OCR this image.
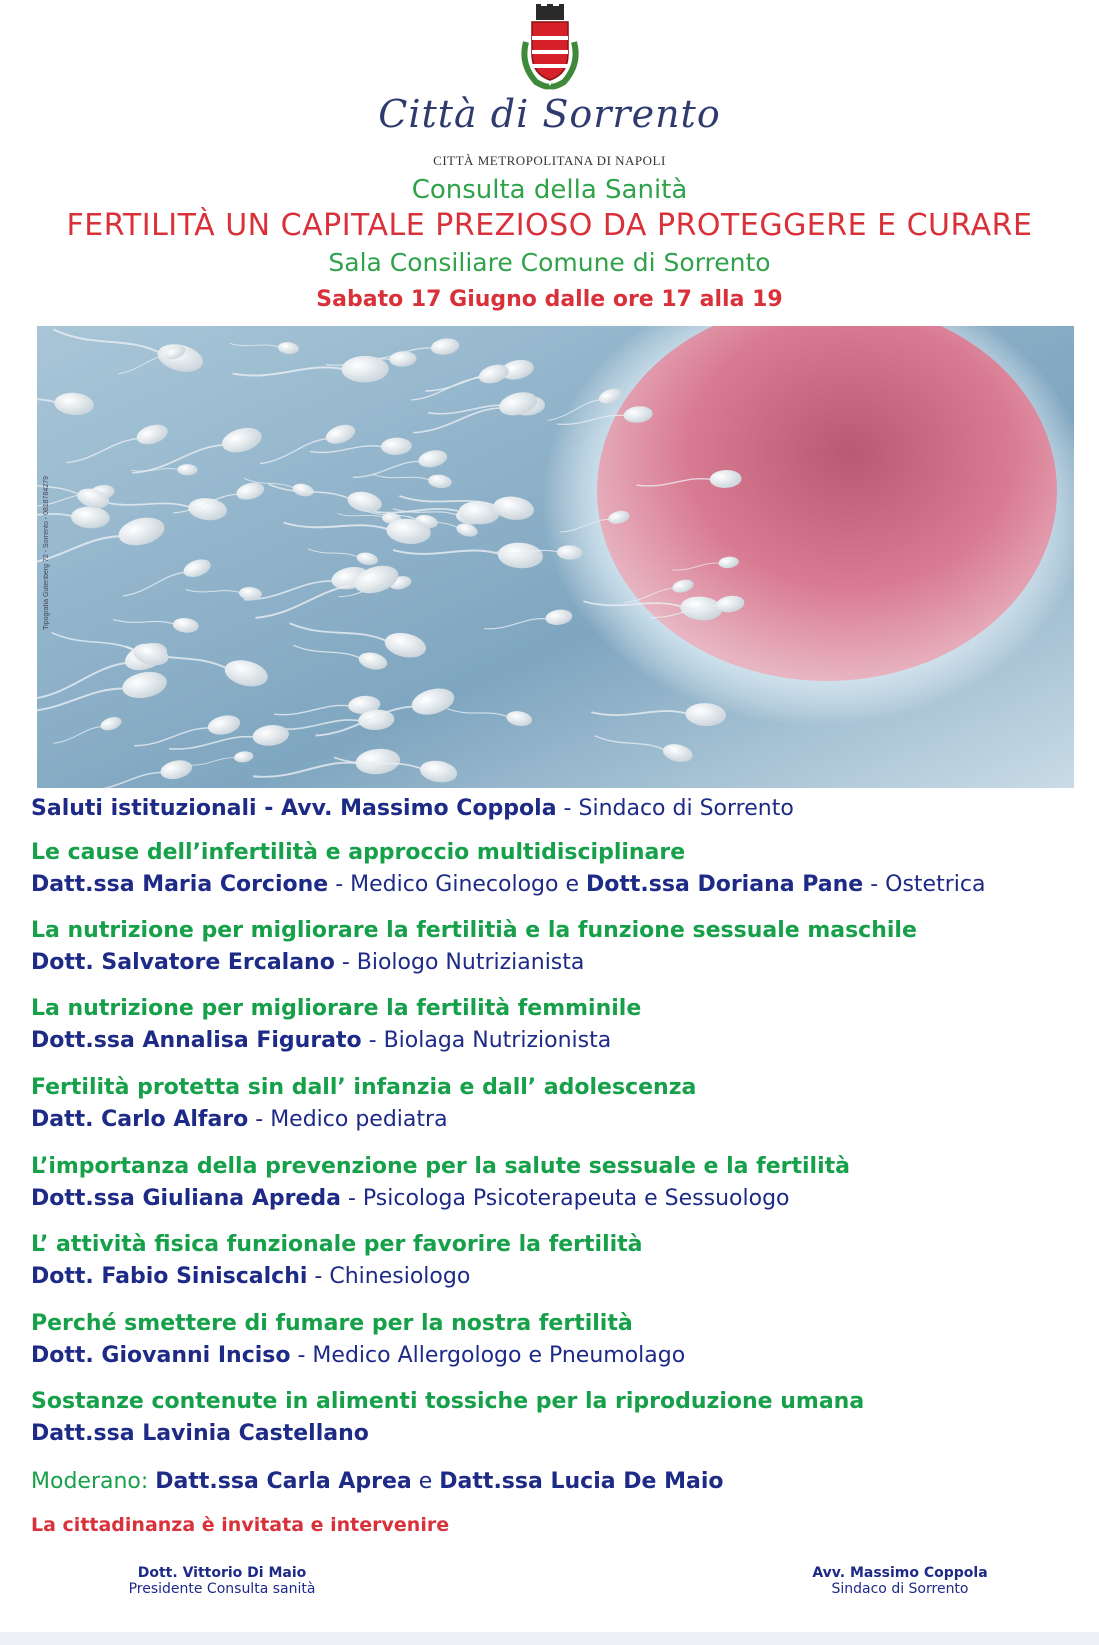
Città di Sorrento
CITTÀ METROPOLITANA DI NAPOLI
Consulta della Sanità
FERTILITÀ UN CAPITALE PREZIOSO DA PROTEGGERE E CURARE
Sala Consiliare Comune di Sorrento
Sabato 17 Giugno dalle ore 17 alla 19
Tipografia Gutenberg 72 - Sorrento - 0818784279
Saluti istituzionali - Avv. Massimo Coppola - Sindaco di Sorrento
Le cause dell’infertilità e approccio multidisciplinare
Datt.ssa Maria Corcione - Medico Ginecologo e Dott.ssa Doriana Pane - Ostetrica
La nutrizione per migliorare la fertilitià e la funzione sessuale maschile
Dott. Salvatore Ercalano - Biologo Nutrizianista
La nutrizione per migliorare la fertilità femminile
Dott.ssa Annalisa Figurato - Biolaga Nutrizionista
Fertilità protetta sin dall’ infanzia e dall’ adolescenza
Datt. Carlo Alfaro - Medico pediatra
L’importanza della prevenzione per la salute sessuale e la fertilità
Dott.ssa Giuliana Apreda - Psicologa Psicoterapeuta e Sessuologo
L’ attività fisica funzionale per favorire la fertilità
Dott. Fabio Siniscalchi - Chinesiologo
Perché smettere di fumare per la nostra fertilità
Dott. Giovanni Inciso - Medico Allergologo e Pneumolago
Sostanze contenute in alimenti tossiche per la riproduzione umana
Datt.ssa Lavinia Castellano
Moderano: Datt.ssa Carla Aprea e Datt.ssa Lucia De Maio
La cittadinanza è invitata e intervenire
Dott. Vittorio Di Maio
Presidente Consulta sanità
Avv. Massimo Coppola
Sindaco di Sorrento
